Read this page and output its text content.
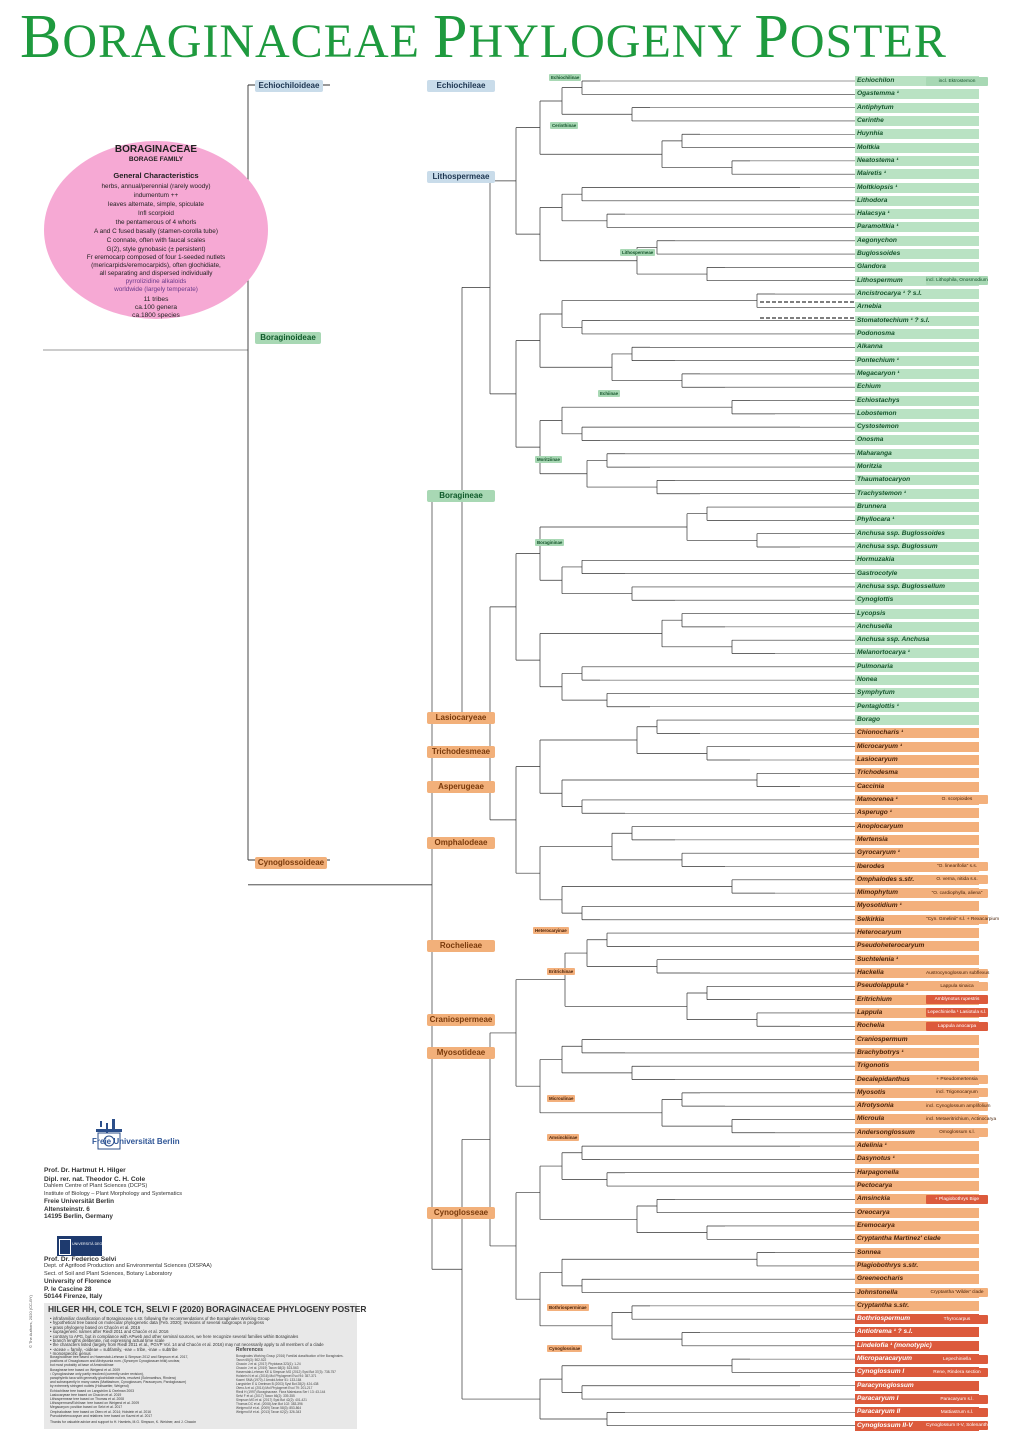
BORAGINACEAE PHYLOGENY POSTER
BORAGINACEAE
BORAGE FAMILY
General Characteristics
herbs, annual/perennial (rarely woody)
indumentum ++
leaves alternate, simple, spiculate
Infl scorpioid
the pentamerous of 4 whorls
A and C fused basally (stamen-corolla tube)
C connate, often with faucal scales
G(2), style gynobasic (± persistent)
Fr eremocarp composed of four 1-seeded nutlets
(mericarpids/eremocarpids), often glochidiate,
all separating and dispersed individually
pyrrolizidine alkaloids
worldwide (largely temperate)
11 tribes
ca.100 genera
ca.1800 species
Echiochiloideae
Boraginoideae
Cynoglossoideae
Echiochileae
Lithospermeae
Boragineae
Lasiocaryeae
Trichodesmeae
Asperugeae
Omphalodeae
Rochelieae
Craniospermeae
Myosotideae
Cynoglosseae
Echiochilinae
Cerinthinae
Lithospermeae
Echiinae
Moritziinae
Boragininae
Heterocaryinae
Eritrichinae
Microulinae
Amsinckiinae
Bothriosperminae
Cynoglossinae
Echiochilon	incl. Ektrostemon
Ogastemma ¹
Antiphytum
Cerinthe
Huynhia
Moltkia
Neatostema ¹
Mairetis ¹
Moltkiopsis ¹
Lithodora
Halacsya ¹
Paramoltkia ¹
Aegonychon
Buglossoides
Glandora
Lithospermum	incl. Lithophila, Onosmodium
Ancistrocarya ¹ ? s.l.
Arnebia
Stomatotechium ¹ ? s.l.
Podonosma
Alkanna
Pontechium ¹
Megacaryon ¹
Echium
Echiostachys
Lobostemon
Cystostemon
Onosma
Maharanga
Moritzia
Thaumatocaryon
Trachystemon ¹
Brunnera
Phyllocara ¹
Anchusa ssp. Buglossoides
Anchusa ssp. Buglossum
Hormuzakia
Gastrocotyle
Anchusa ssp. Buglossellum
Cynoglottis
Lycopsis
Anchusella
Anchusa ssp. Anchusa
Melanortocarya ¹
Pulmonaria
Nonea
Symphytum
Pentaglottis ¹
Borago
Chionocharis ¹
Microcaryum ¹
Lasiocaryum
Trichodesma
Caccinia
Mamorenea ¹	O. scorpioides
Asperugo ¹
Anoplocaryum
Mertensia
Gyrocaryum ¹
Iberodes	"O. linearifolia" s.s.
Omphalodes s.str.	O. verna, nitida s.s.
Mimophytum	"O. cardiophylla, aliena"
Myosotidium ¹
Selkirkia	"Cyn. Gmelinii" s.l. + Rexacarpium
Heterocaryum
Pseudoheterocaryum
Suchtelenia ¹
Hackelia	Austrocynoglossum subflexus
Pseudolappula ¹	Lappula sinaica
Eritrichium	Amblynotus rupestris
Lappula	Lepechiniella ¹ Lasiotula s.l.
Rochelia	Lappula anocarpa
Craniospermum
Brachybotrys ¹
Trigonotis
Decalepidanthus	+ Pseudomertensia
Myosotis	incl. Trigonocaryum
Afrotysonia	incl. Cynoglossum amplifolium
Microula	incl. Metaeritrichium, Actinocarya
Andersonglossum	Omoglossum s.l.
Adelinia ¹
Dasynotus ¹
Harpagonella
Pectocarya
Amsinckia	+ Plagiobothrys Bige
Oreocarya
Eremocarya
Cryptantha Martinez' clade
Sonnea
Plagiobothrys s.str.
Greeneocharis
Johnstonella	Cryptantha 'Wilder' clade
Cryptantha s.str.
Bothriospermum	Thyrocarpus
Antiotrema ¹ ? s.l.
Lindelofia ¹ (monotypic)
Microparacaryum	Lepechiniella
Cynoglossum I	Rene, Rindera section
Paracynoglossum
Paracaryum I	Paracaryum s.l.
Paracaryum II	Mattiastrum s.l.
Cynoglossum II-V	Cynoglossum II-V, Solenanthus
Freie Universität Berlin
Prof. Dr. Hartmut H. Hilger
Dipl. rer. nat. Theodor C. H. Cole
Dahlem Centre of Plant Sciences (DCPS)
Institute of Biology – Plant Morphology and Systematics
Freie Universität Berlin
Altensteinstr. 6
14195 Berlin, Germany
UNIVERSITÀ DEGLI STUDI FIRENZE
Prof. Dr. Federico Selvi
Dept. of Agrifood Production and Environmental Sciences (DISPAA)
Sect. of Soil and Plant Sciences, Botany Laboratory
University of Florence
P. le Cascine 28
50144 Firenze, Italy
HILGER HH, COLE TCH, SELVI F (2020) BORAGINACEAE PHYLOGENY POSTER
• infrafamiliar classification of Boraginaceae s.str. following the recommendations of the Boraginales Working Group
• hypothetical tree based on molecular phylogenetic data (Feb. 2020); revisions of several subgroups in progress
• grass phylogeny based on Chacón et al. 2016
• suprageneric names after Riedl 2011 and Chacón et al. 2016
• contrary to APG, but in compliance with APweb and other seminal sources, we here recognize several families within Boraginales
• branch lengths deliberate, not expressing actual time scale
• the characters listed (largely from Riedl 2011 et al., PGVP Vol. 14 and Chacón et al. 2016) may not necessarily apply to all members of a clade
• -aceae = family, -oideae = subfamily, -eae = tribe, -inae = subtribe
¹ monospecific genus
Boraginoideae tree based on Hasenstab-Lehman & Simpson 2012 and Simpson et al. 2017,
positions of Oncaglossum and Afrotysonia nom. (Synonym Cynoglossum triiki) unclear,
but most probably at base of Amsinckiinae
Boragineae tree based on Weigend et al. 2009
¹ Cynoglossinae only partly resolved (currently under revision),
paraphyletic taxa with generally glochidiate nutlets, resolved (Solenanthus, Rindera)
and subsequently in many cases (Mattiastrum, Cynoglossum, Paracaryum, Pardoglossum)
by extremely stringent nutlets (Holtsaetter, Weigend)
Echiochileae tree based on Langström & Oxelman 2003
Lasiocaryeae tree based on Chacón et al. 2019
Lithospermeae tree based on Thomas et al. 2008
Lithospermum/Echiinae: tree based on Weigend et al. 2009
Megacaryon: position based on Selvi et al. 2017
Omphalodeae: tree based on Otero et al. 2014; Holstein et al. 2016
Pseudoheterocaryum and relatives: tree based on Kazmi et al. 2017
References
Boraginales Working Group (2016) Familial classification of the Boraginales.
Taxon 65(3): 502-522
Chacón J et al. (2017) Phytotaxa 323(1): 1-24
Chacón J et al. (2019) Taxon 68(3): 523-563
Hasenstab-Lehman KE & Simpson MG (2012) Syst Bot 37(3): 738-757
Holstein N et al. (2016) Mol Phylogenet Evol 94: 357-371
Kazmi SMA (1970) J Arnold Arbor 51: 133-184
Langström E & Oxelman B (2003) Syst Bot 28(2): 424-438
Otero A et al. (2014) Mol Phylogenet Evol 79: 201-217
Riedl H (1997) Boraginaceae. Flora Malesiana Ser I 13: 43-144
Selvi F et al. (2017) Taxon 66(2): 339-355
Simpson MG et al. (2017) Syst Bot 42(2): 401-421
Thomas DC et al. (2008) Ann Bot 102: 383-396
Weigend M et al. (2009) Taxon 58(3): 853-864
Weigend M et al. (2013) Taxon 62(2): 326-343
Thanks for valuable advice and support to H. Hamlets, M.G. Simpson, K. Weidner, and J. Chacón
© The Authors, 2020 (CC-BY)
